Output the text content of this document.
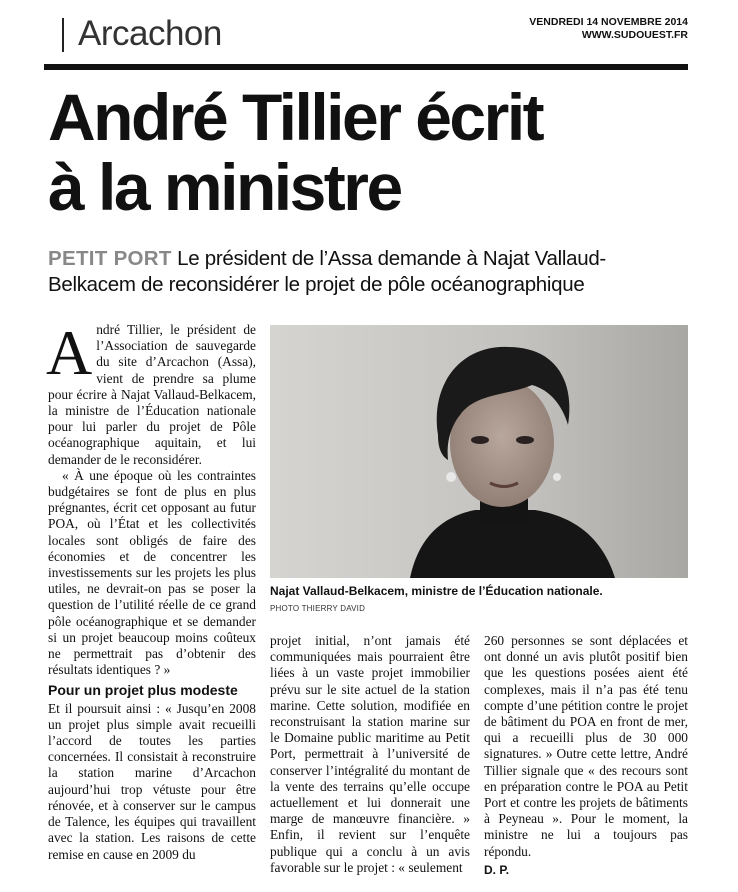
Arcachon	VENDREDI 14 NOVEMBRE 2014
WWW.SUDOUEST.FR
André Tillier écrit
à la ministre
PETIT PORT Le président de l’Assa demande à Najat Vallaud-Belkacem de reconsidérer le projet de pôle océanographique
Najat Vallaud-Belkacem, ministre de l’Éducation nationale.
PHOTO THIERRY DAVID

André Tillier, le président de l’Association de sauvegarde du site d’Arcachon (Assa), vient de prendre sa plume pour écrire à Najat Vallaud-Belkacem, la ministre de l’Éducation nationale pour lui parler du projet de Pôle océanographique aquitain, et lui demander de le reconsidérer.

« À une époque où les contraintes budgétaires se font de plus en plus prégnantes, écrit cet opposant au futur POA, où l’État et les collectivités locales sont obligés de faire des économies et de concentrer les investissements sur les projets les plus utiles, ne devrait-on pas se poser la question de l’utilité réelle de ce grand pôle océanographique et se demander si un projet beaucoup moins coûteux ne permettrait pas d’obtenir des résultats identiques ? »

Pour un projet plus modeste

Et il poursuit ainsi : « Jusqu’en 2008 un projet plus simple avait recueilli l’accord de toutes les parties concernées. Il consistait à reconstruire la station marine d’Arcachon aujourd’hui trop vétuste pour être rénovée, et à conserver sur le campus de Talence, les équipes qui travaillent avec la station. Les raisons de cette remise en cause en 2009 du

projet initial, n’ont jamais été communiquées mais pourraient être liées à un vaste projet immobilier prévu sur le site actuel de la station marine. Cette solution, modifiée en reconstruisant la station marine sur le Domaine public maritime au Petit Port, permettrait à l’université de conserver l’intégralité du montant de la vente des terrains qu’elle occupe actuellement et lui donnerait une marge de manœuvre financière. » Enfin, il revient sur l’enquête publique qui a conclu à un avis favorable sur le projet : « seulement

260 personnes se sont déplacées et ont donné un avis plutôt positif bien que les questions posées aient été complexes, mais il n’a pas été tenu compte d’une pétition contre le projet de bâtiment du POA en front de mer, qui a recueilli plus de 30 000 signatures. » Outre cette lettre, André Tillier signale que « des recours sont en préparation contre le POA au Petit Port et contre les projets de bâtiments à Peyneau ». Pour le moment, la ministre ne lui a toujours pas répondu.

D. P.
